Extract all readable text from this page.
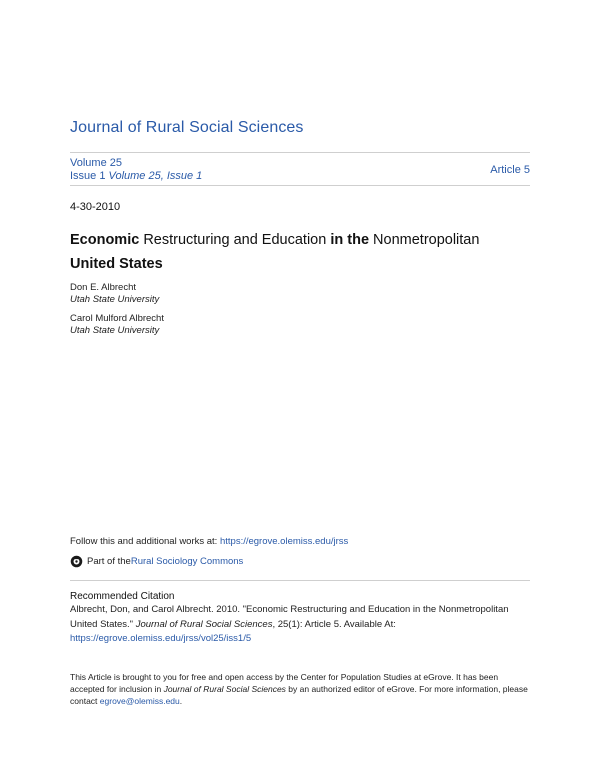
Journal of Rural Social Sciences
Volume 25
Issue 1 Volume 25, Issue 1	Article 5
4-30-2010
Economic Restructuring and Education in the Nonmetropolitan
United States
Don E. Albrecht
Utah State University
Carol Mulford Albrecht
Utah State University
Follow this and additional works at: https://egrove.olemiss.edu/jrss
Part of the Rural Sociology Commons
Recommended Citation
Albrecht, Don, and Carol Albrecht. 2010. "Economic Restructuring and Education in the Nonmetropolitan United States." Journal of Rural Social Sciences, 25(1): Article 5. Available At: https://egrove.olemiss.edu/jrss/vol25/iss1/5
This Article is brought to you for free and open access by the Center for Population Studies at eGrove. It has been accepted for inclusion in Journal of Rural Social Sciences by an authorized editor of eGrove. For more information, please contact egrove@olemiss.edu.
